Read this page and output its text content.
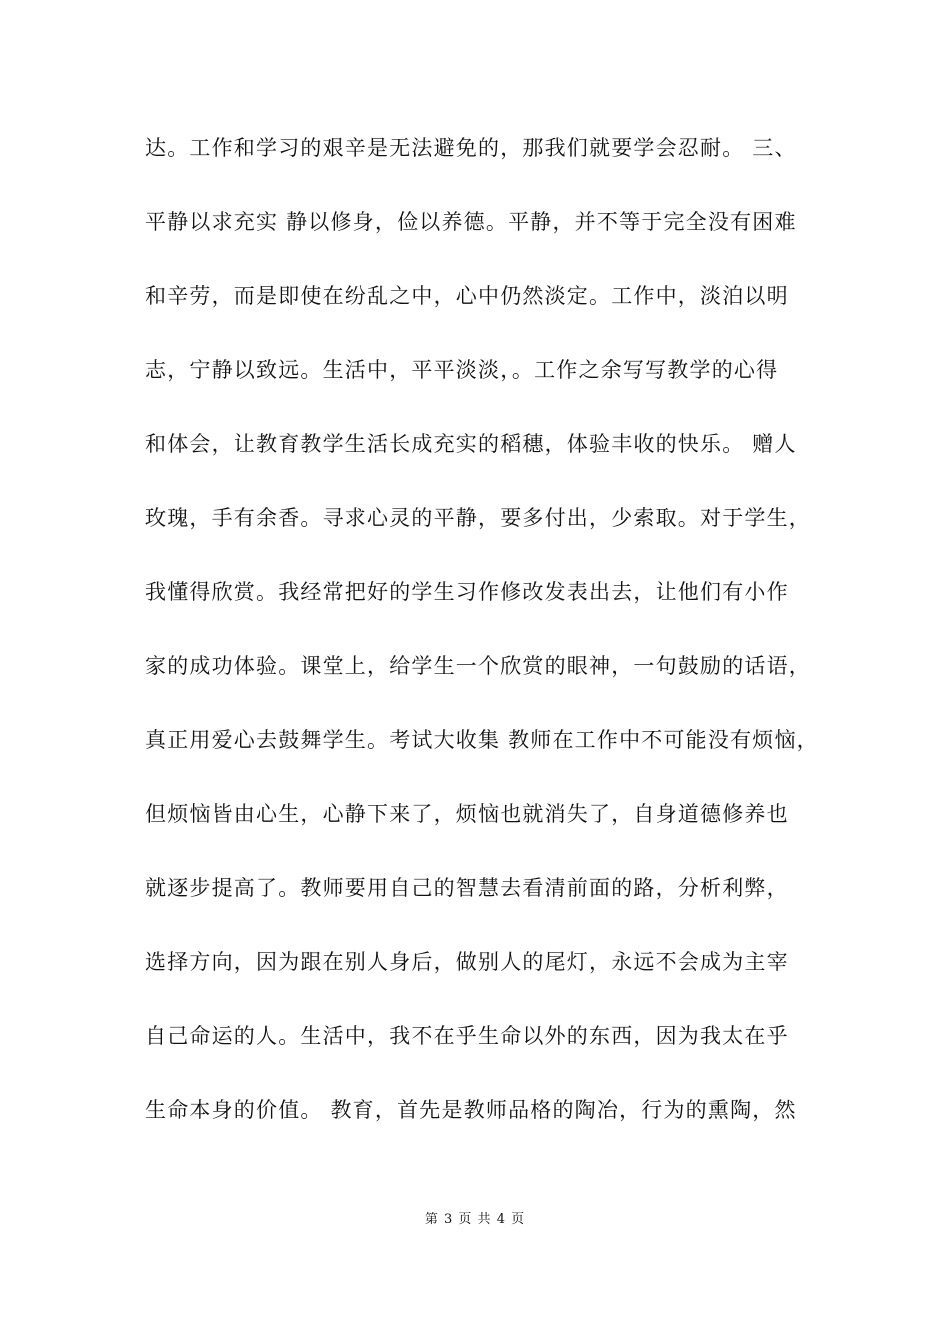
达。工作和学习的艰辛是无法避免的，那我们就要学会忍耐。 三、
平静以求充实 静以修身，俭以养德。平静，并不等于完全没有困难
和辛劳，而是即使在纷乱之中，心中仍然淡定。工作中，淡泊以明
志，宁静以致远。生活中，平平淡淡，。工作之余写写教学的心得
和体会，让教育教学生活长成充实的稻穗，体验丰收的快乐。 赠人
玫瑰，手有余香。寻求心灵的平静，要多付出，少索取。对于学生，
我懂得欣赏。我经常把好的学生习作修改发表出去，让他们有小作
家的成功体验。课堂上，给学生一个欣赏的眼神，一句鼓励的话语，
真正用爱心去鼓舞学生。考试大收集 教师在工作中不可能没有烦恼，
但烦恼皆由心生，心静下来了，烦恼也就消失了，自身道德修养也
就逐步提高了。教师要用自己的智慧去看清前面的路，分析利弊，
选择方向，因为跟在别人身后，做别人的尾灯，永远不会成为主宰
自己命运的人。生活中，我不在乎生命以外的东西，因为我太在乎
生命本身的价值。 教育，首先是教师品格的陶冶，行为的熏陶，然
第 3 页 共 4 页
